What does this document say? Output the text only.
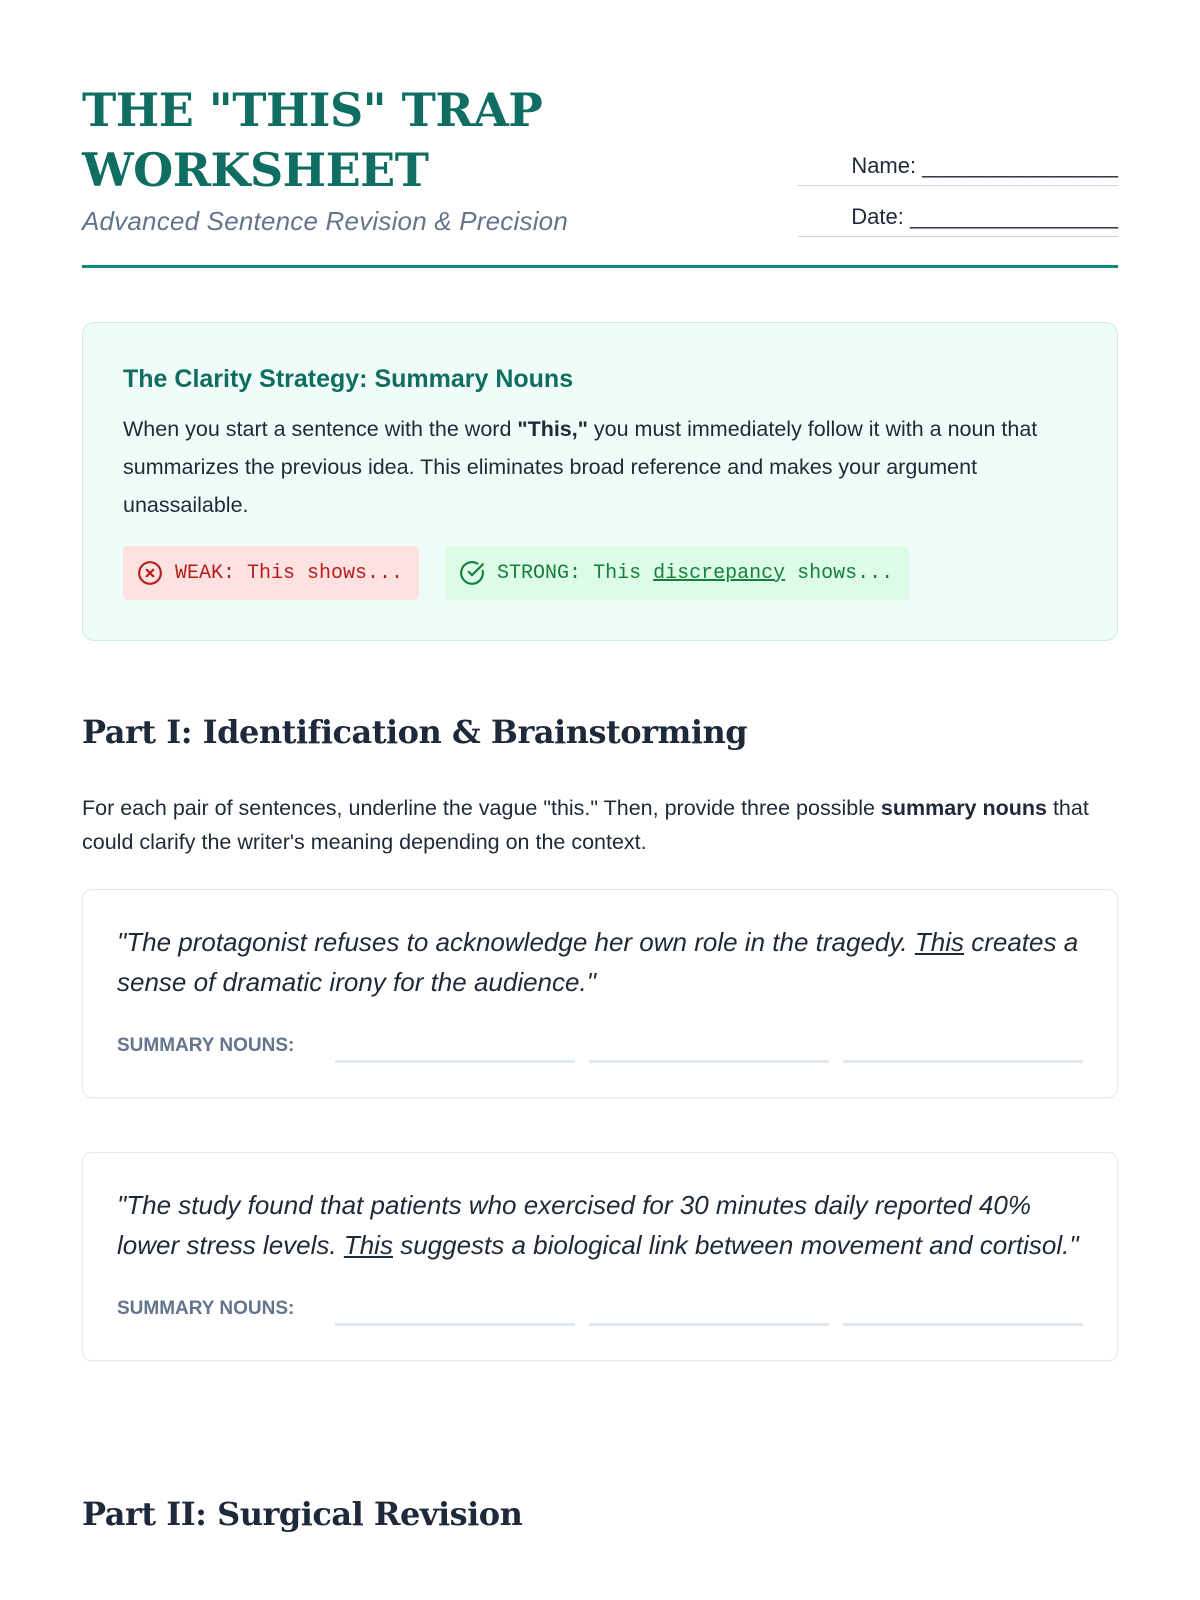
THE "THIS" TRAP
WORKSHEET
Advanced Sentence Revision & Precision
Name: ________________
Date: _________________
The Clarity Strategy: Summary Nouns

When you start a sentence with the word "This," you must immediately follow it with a noun that summarizes the previous idea. This eliminates broad reference and makes your argument unassailable.

WEAK: This shows...	STRONG: This discrepancy shows...
Part I: Identification & Brainstorming

For each pair of sentences, underline the vague "this." Then, provide three possible summary nouns that could clarify the writer's meaning depending on the context.

"The protagonist refuses to acknowledge her own role in the tragedy. This creates a sense of dramatic irony for the audience."

SUMMARY NOUNS:

"The study found that patients who exercised for 30 minutes daily reported 40% lower stress levels. This suggests a biological link between movement and cortisol."

SUMMARY NOUNS:
Part II: Surgical Revision
